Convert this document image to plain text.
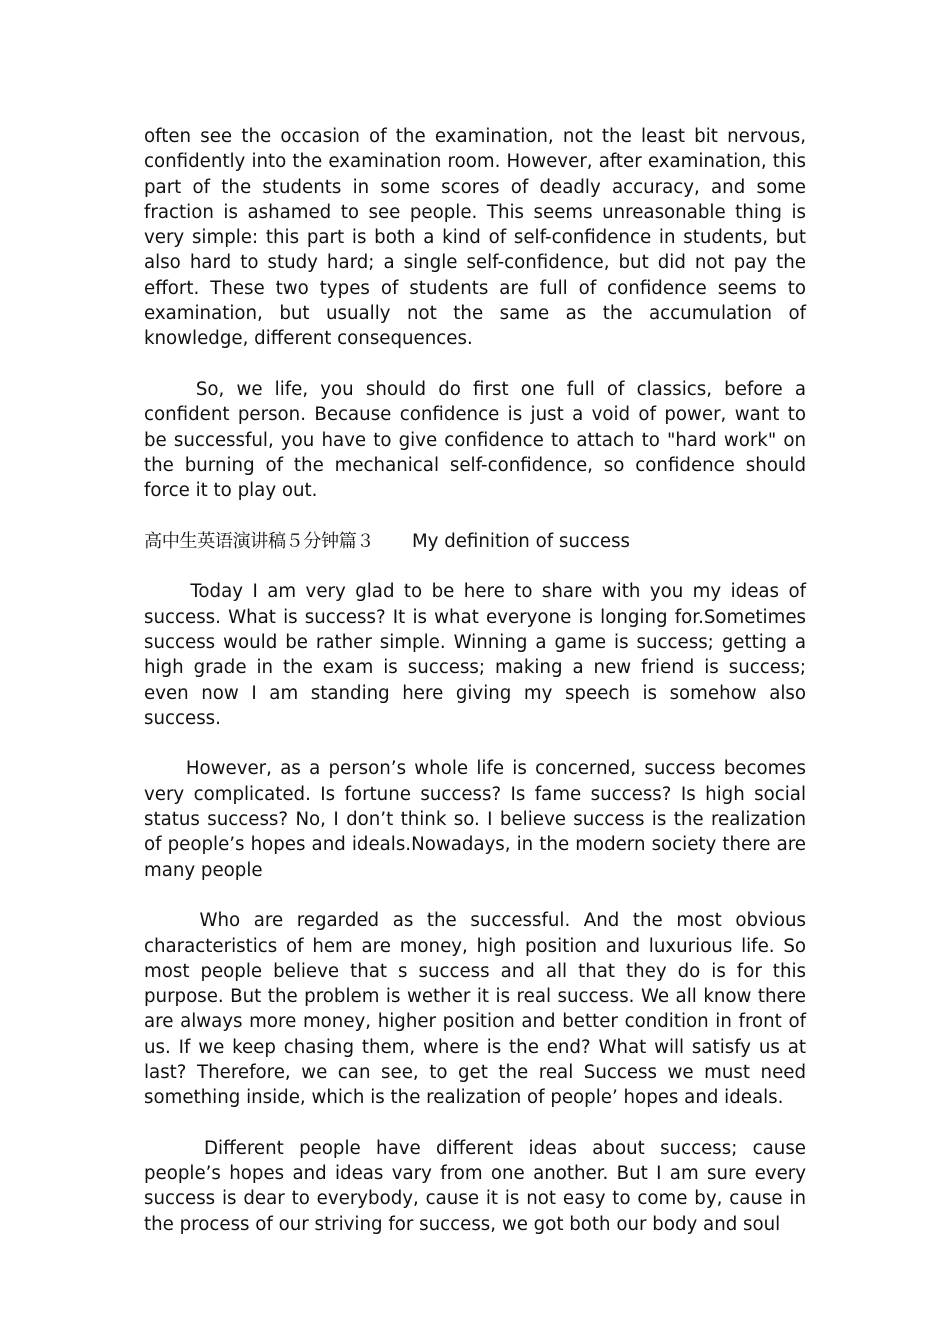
often see the occasion of the examination, not the least bit nervous, confidently into the examination room. However, after examination, this part of the students in some scores of deadly accuracy, and some fraction is ashamed to see people. This seems unreasonable thing is very simple: this part is both a kind of self-confidence in students, but also hard to study hard; a single self-confidence, but did not pay the effort. These two types of students are full of confidence seems to examination, but usually not the same as the accumulation of knowledge, different consequences.

So, we life, you should do first one full of classics, before a confident person. Because confidence is just a void of power, want to be successful, you have to give confidence to attach to "hard work" on the burning of the mechanical self-confidence, so confidence should force it to play out.

高中生英语演讲稿５分钟篇３ My definition of success

Today I am very glad to be here to share with you my ideas of success. What is success? It is what everyone is longing for.Sometimes success would be rather simple. Winning a game is success; getting a high grade in the exam is success; making a new friend is success; even now I am standing here giving my speech is somehow also success.

However, as a person’s whole life is concerned, success becomes very complicated. Is fortune success? Is fame success? Is high social status success? No, I don’t think so. I believe success is the realization of people’s hopes and ideals.Nowadays, in the modern society there are many people

Who are regarded as the successful. And the most obvious characteristics of hem are money, high position and luxurious life. So most people believe that s success and all that they do is for this purpose. But the problem is wether it is real success. We all know there are always more money, higher position and better condition in front of us. If we keep chasing them, where is the end? What will satisfy us at last? Therefore, we can see, to get the real Success we must need something inside, which is the realization of people’ hopes and ideals.

Different people have different ideas about success; cause people’s hopes and ideas vary from one another. But I am sure every success is dear to everybody, cause it is not easy to come by, cause in the process of our striving for success, we got both our body and soul
